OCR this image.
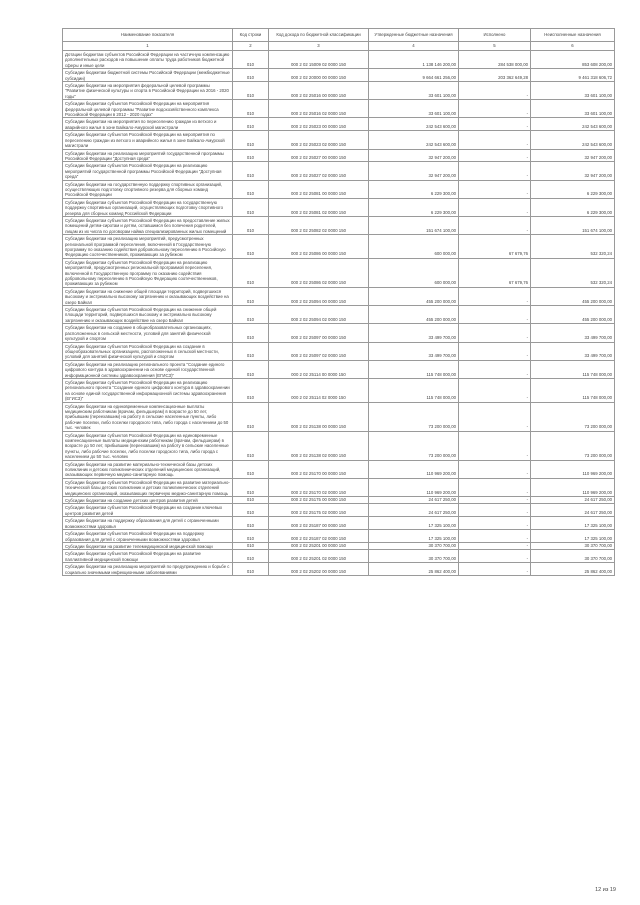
Наименование показателя	Код строки	Код дохода по бюджетной классификации	Утвержденные бюджетные назначения	Исполнено	Неисполненные назначения
1	2	3	4	5	6
Дотации бюджетам субъектов Российской Федерации на частичную компенсацию дополнительных расходов на повышение оплаты труда работников бюджетной сферы и иные цели	010	000 2 02 15009 02 0000 150	1 138 146 200,00	284 538 000,00	853 608 200,00
Субсидии бюджетам бюджетной системы Российской Федерации (межбюджетные субсидии)	010	000 2 02 20000 00 0000 150	9 664 661 256,00	203 362 649,28	9 461 318 606,72
Субсидии бюджетам на мероприятия федеральной целевой программы "Развитие физической культуры и спорта в Российской Федерации на 2016 - 2020 годы"	010	000 2 02 25016 00 0000 150	33 601 100,00	-	33 601 100,00
Субсидии бюджетам субъектов Российской Федерации на мероприятия федеральной целевой программы "Развитие водохозяйственного комплекса Российской Федерации в 2012 - 2020 годах"	010	000 2 02 25016 02 0000 150	33 601 100,00	-	33 601 100,00
Субсидии бюджетам на мероприятия по переселению граждан из ветхого и аварийного жилья в зоне Байкало-Амурской магистрали	010	000 2 02 25023 00 0000 150	242 543 600,00	-	242 543 600,00
Субсидии бюджетам субъектов Российской Федерации на мероприятия по переселению граждан из ветхого и аварийного жилья в зоне Байкало-Амурской магистрали	010	000 2 02 25023 02 0000 150	242 543 600,00	-	242 543 600,00
Субсидии бюджетам на реализацию мероприятий государственной программы Российской Федерации "Доступная среда"	010	000 2 02 25027 00 0000 150	32 947 200,00	-	32 947 200,00
Субсидии бюджетам субъектов Российской Федерации на реализацию мероприятий государственной программы Российской Федерации "Доступная среда"	010	000 2 02 25027 02 0000 150	32 947 200,00	-	32 947 200,00
Субсидии бюджетам на государственную поддержку спортивных организаций, осуществляющих подготовку спортивного резерва для сборных команд Российской Федерации	010	000 2 02 25081 00 0000 150	6 229 300,00	-	6 229 300,00
Субсидии бюджетам субъектов Российской Федерации на государственную поддержку спортивных организаций, осуществляющих подготовку спортивного резерва для сборных команд Российской Федерации	010	000 2 02 25081 02 0000 150	6 229 300,00	-	6 229 300,00
Субсидии бюджетам субъектов Российской Федерации на предоставление жилых помещений детям-сиротам и детям, оставшимся без попечения родителей, лицам из их числа по договорам найма специализированных жилых помещений	010	000 2 02 25082 02 0000 150	151 674 100,00	-	151 674 100,00
Субсидии бюджетам на реализацию мероприятий, предусмотренных региональной программой переселения, включенной в Государственную программу по оказанию содействия добровольному переселению в Российскую Федерацию соотечественников, проживающих за рубежом	010	000 2 02 25086 00 0000 150	600 000,00	67 679,76	532 320,24
Субсидии бюджетам субъектов Российской Федерации на реализацию мероприятий, предусмотренных региональной программой переселения, включенной в Государственную программу по оказанию содействия добровольному переселению в Российскую Федерацию соотечественников, проживающих за рубежом	010	000 2 02 25086 02 0000 150	600 000,00	67 679,76	532 320,24
Субсидии бюджетам на снижение общей площади территорий, подвергшихся высокому и экстремально высокому загрязнению и оказывающих воздействие на озеро Байкал	010	000 2 02 25094 00 0000 150	455 200 000,00	-	455 200 000,00
Субсидии бюджетам субъектов Российской Федерации на снижение общей площади территорий, подвергшихся высокому и экстремально высокому загрязнению и оказывающих воздействие на озеро Байкал	010	000 2 02 25094 02 0000 150	455 200 000,00	-	455 200 000,00
Субсидии бюджетам на создание в общеобразовательных организациях, расположенных в сельской местности, условий для занятий физической культурой и спортом	010	000 2 02 25097 00 0000 150	33 499 700,00	-	33 499 700,00
Субсидии бюджетам субъектов Российской Федерации на создание в общеобразовательных организациях, расположенных в сельской местности, условий для занятий физической культурой и спортом	010	000 2 02 25097 02 0000 150	33 499 700,00	-	33 499 700,00
Субсидии бюджетам на реализацию регионального проекта "Создание единого цифрового контура в здравоохранении на основе единой государственной информационной системы здравоохранения (ЕГИСЗ)"	010	000 2 02 25114 00 0000 150	115 748 000,00	-	115 748 000,00
Субсидии бюджетам субъектов Российской Федерации на реализацию регионального проекта "Создание единого цифрового контура в здравоохранении на основе единой государственной информационной системы здравоохранения (ЕГИСЗ)"	010	000 2 02 25114 02 0000 150	115 748 000,00	-	115 748 000,00
Субсидии бюджетам на единовременные компенсационные выплаты медицинским работникам (врачам, фельдшерам) в возрасте до 50 лет, прибывшим (переехавшим) на работу в сельские населенные пункты, либо рабочие поселки, либо поселки городского типа, либо города с населением до 50 тыс. человек	010	000 2 02 25138 00 0000 150	73 200 000,00	-	73 200 000,00
Субсидии бюджетам субъектов Российской Федерации на единовременные компенсационные выплаты медицинским работникам (врачам, фельдшерам) в возрасте до 50 лет, прибывшим (переехавшим) на работу в сельские населенные пункты, либо рабочие поселки, либо поселки городского типа, либо города с населением до 50 тыс. человек	010	000 2 02 25138 02 0000 150	73 200 000,00	-	73 200 000,00
Субсидии бюджетам на развитие материально-технической базы детских поликлиник и детских поликлинических отделений медицинских организаций, оказывающих первичную медико-санитарную помощь	010	000 2 02 25170 00 0000 150	110 969 200,00	-	110 969 200,00
Субсидии бюджетам субъектов Российской Федерации на развитие материально-технической базы детских поликлиник и детских поликлинических отделений медицинских организаций, оказывающих первичную медико-санитарную помощь	010	000 2 02 25170 02 0000 150	110 969 200,00	-	110 969 200,00
Субсидии бюджетам на создание детских центров развития детей	010	000 2 02 25175 00 0000 150	24 617 250,00	-	24 617 250,00
Субсидии бюджетам субъектов Российской Федерации на создание ключевых центров развития детей	010	000 2 02 25175 02 0000 150	24 617 250,00	-	24 617 250,00
Субсидии бюджетам на поддержку образования для детей с ограниченными возможностями здоровья	010	000 2 02 25187 00 0000 150	17 325 100,00	-	17 325 100,00
Субсидии бюджетам субъектов Российской Федерации на поддержку образования для детей с ограниченными возможностями здоровья	010	000 2 02 25187 02 0000 150	17 325 100,00	-	17 325 100,00
Субсидии бюджетам на развитие телемедицинской медицинской помощи	010	000 2 02 25201 00 0000 150	30 370 700,00	-	30 370 700,00
Субсидии бюджетам субъектов Российской Федерации на развитие паллиативной медицинской помощи	010	000 2 02 25201 02 0000 150	30 370 700,00	-	30 370 700,00
Субсидии бюджетам на реализацию мероприятий по предупреждению и борьбе с социально значимыми инфекционными заболеваниями	010	000 2 02 25202 00 0000 150	25 862 400,00	-	25 862 400,00
12 из 19
